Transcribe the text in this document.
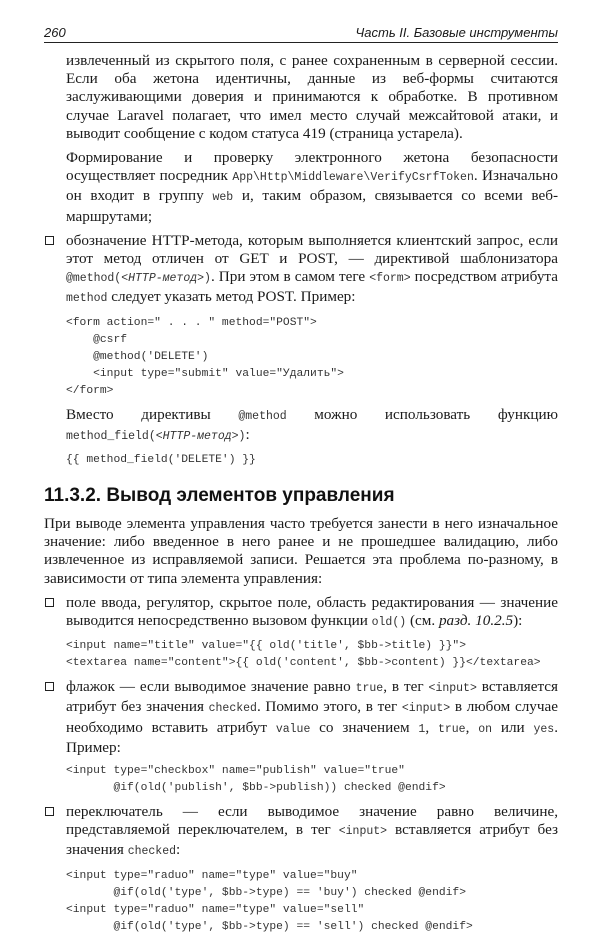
260	Часть II. Базовые инструменты

извлеченный из скрытого поля, с ранее сохраненным в серверной сессии. Если оба жетона идентичны, данные из веб-формы считаются заслуживающими доверия и принимаются к обработке. В противном случае Laravel полагает, что имел место случай межсайтовой атаки, и выводит сообщение с кодом статуса 419 (страница устарела).

Формирование и проверку электронного жетона безопасности осуществляет посредник App\Http\Middleware\VerifyCsrfToken. Изначально он входит в группу web и, таким образом, связывается со всеми веб-маршрутами;

обозначение HTTP-метода, которым выполняется клиентский запрос, если этот метод отличен от GET и POST, — директивой шаблонизатора @method(<HTTP-метод>). При этом в самом теге <form> посредством атрибута method следует указать метод POST. Пример:

<form action=" . . . " method="POST">
@csrf
@method('DELETE')
<input type="submit" value="Удалить">
</form>

Вместо директивы @method можно использовать функцию method_field(<HTTP-метод>):

{{ method_field('DELETE') }}
11.3.2. Вывод элементов управления

При выводе элемента управления часто требуется занести в него изначальное значение: либо введенное в него ранее и не прошедшее валидацию, либо извлеченное из исправляемой записи. Решается эта проблема по-разному, в зависимости от типа элемента управления:

поле ввода, регулятор, скрытое поле, область редактирования — значение выводится непосредственно вызовом функции old() (см. разд. 10.2.5):

<input name="title" value="{{ old('title', $bb->title) }}">
<textarea name="content">{{ old('content', $bb->content) }}</textarea>

флажок — если выводимое значение равно true, в тег <input> вставляется атрибут без значения checked. Помимо этого, в тег <input> в любом случае необходимо вставить атрибут value со значением 1, true, on или yes. Пример:

<input type="checkbox" name="publish" value="true"
@if(old('publish', $bb->publish)) checked @endif>

переключатель — если выводимое значение равно величине, представляемой переключателем, в тег <input> вставляется атрибут без значения checked:

<input type="raduo" name="type" value="buy"
@if(old('type', $bb->type) == 'buy') checked @endif>
<input type="raduo" name="type" value="sell"
@if(old('type', $bb->type) == 'sell') checked @endif>
